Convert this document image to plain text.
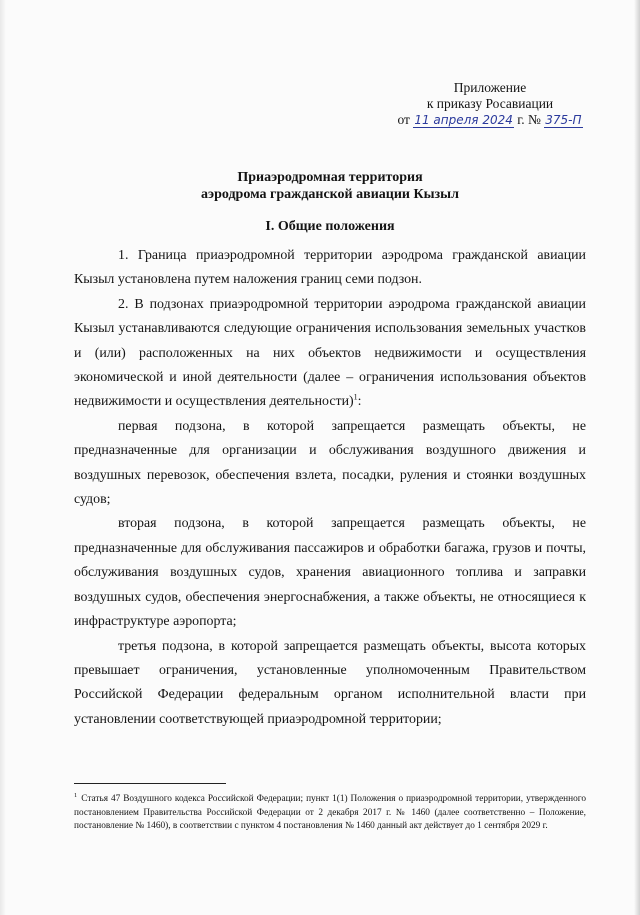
Приложение
к приказу Росавиации
от 11 апреля 2024 г. № 375-П
Приаэродромная территория
аэродрома гражданской авиации Кызыл
I. Общие положения

1. Граница приаэродромной территории аэродрома гражданской авиации Кызыл установлена путем наложения границ семи подзон.

2. В подзонах приаэродромной территории аэродрома гражданской авиации Кызыл устанавливаются следующие ограничения использования земельных участков и (или) расположенных на них объектов недвижимости и осуществления экономической и иной деятельности (далее – ограничения использования объектов недвижимости и осуществления деятельности)$^1$:

первая подзона, в которой запрещается размещать объекты, не предназначенные для организации и обслуживания воздушного движения и воздушных перевозок, обеспечения взлета, посадки, руления и стоянки воздушных судов;

вторая подзона, в которой запрещается размещать объекты, не предназначенные для обслуживания пассажиров и обработки багажа, грузов и почты, обслуживания воздушных судов, хранения авиационного топлива и заправки воздушных судов, обеспечения энергоснабжения, а также объекты, не относящиеся к инфраструктуре аэропорта;

третья подзона, в которой запрещается размещать объекты, высота которых превышает ограничения, установленные уполномоченным Правительством Российской Федерации федеральным органом исполнительной власти при установлении соответствующей приаэродромной территории;

$^1$ Статья 47 Воздушного кодекса Российской Федерации; пункт 1(1) Положения о приаэродромной территории, утвержденного постановлением Правительства Российской Федерации от 2 декабря 2017 г. № 1460 (далее соответственно – Положение, постановление № 1460), в соответствии с пунктом 4 постановления № 1460 данный акт действует до 1 сентября 2029 г.
